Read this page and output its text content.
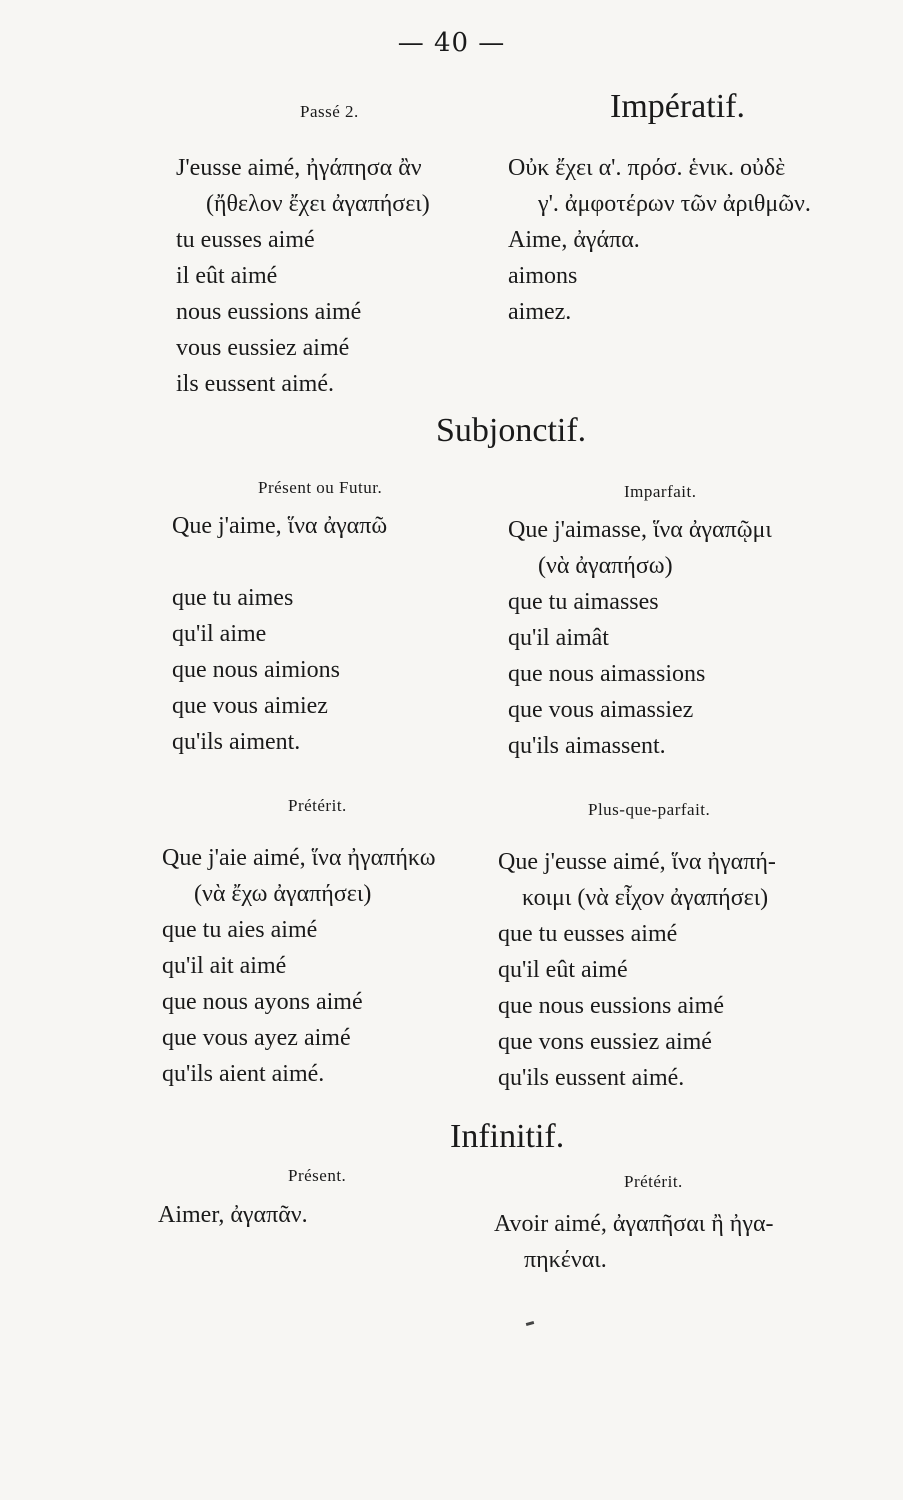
— 40 —
Passé 2.
J'eusse aimé, ἠγάπησα ἂν
(ἤθελον ἔχει ἀγαπήσει)
tu eusses aimé
il eût aimé
nous eussions aimé
vous eussiez aimé
ils eussent aimé.
Impératif.
Οὐκ ἔχει α'. πρόσ. ἑνικ. οὐδὲ
γ'. ἀμφοτέρων τῶν ἀριθμῶν.
Aime, ἀγάπα.
aimons
aimez.
Subjonctif.
Présent ou Futur.
Que j'aime, ἵνα ἀγαπῶ
que tu aimes
qu'il aime
que nous aimions
que vous aimiez
qu'ils aiment.
Imparfait.
Que j'aimasse, ἵνα ἀγαπῷμι
(νὰ ἀγαπήσω)
que tu aimasses
qu'il aimât
que nous aimassions
que vous aimassiez
qu'ils aimassent.
Prétérit.
Que j'aie aimé, ἵνα ἠγαπήκω
(νὰ ἔχω ἀγαπήσει)
que tu aies aimé
qu'il ait aimé
que nous ayons aimé
que vous ayez aimé
qu'ils aient aimé.
Plus-que-parfait.
Que j'eusse aimé, ἵνα ἠγαπή-
κοιμι (νὰ εἶχον ἀγαπήσει)
que tu eusses aimé
qu'il eût aimé
que nous eussions aimé
que vons eussiez aimé
qu'ils eussent aimé.
Infinitif.
Présent.
Aimer, ἀγαπᾶν.
Prétérit.
Avoir aimé, ἀγαπῆσαι ἢ ἠγα-
πηκέναι.
